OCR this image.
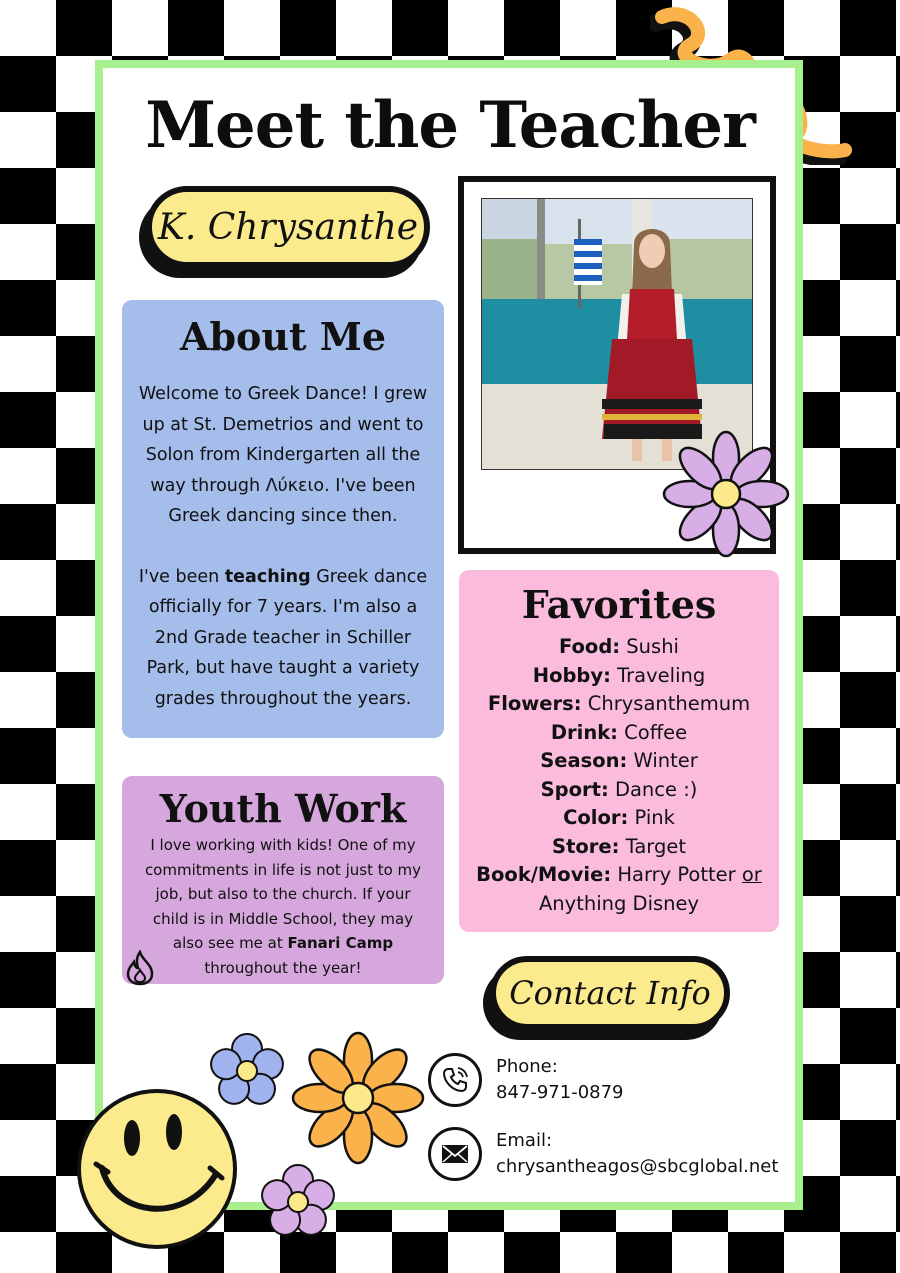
Meet the Teacher
K. Chrysanthe
About Me

Welcome to Greek Dance! I grew up at St. Demetrios and went to Solon from Kindergarten all the way through Λύκειο. I've been Greek dancing since then.

I've been teaching Greek dance officially for 7 years. I'm also a 2nd Grade teacher in Schiller Park, but have taught a variety grades throughout the years.

Youth Work
I love working with kids! One of my commitments in life is not just to my job, but also to the church. If your child is in Middle School, they may also see me at Fanari Camp throughout the year!
Favorites
Food: Sushi
Hobby: Traveling
Flowers: Chrysanthemum
Drink: Coffee
Season: Winter
Sport: Dance :)
Color: Pink
Store: Target
Book/Movie: Harry Potter or
Anything Disney
Contact Info
Phone:
847-971-0879
Email:
chrysantheagos@sbcglobal.net
